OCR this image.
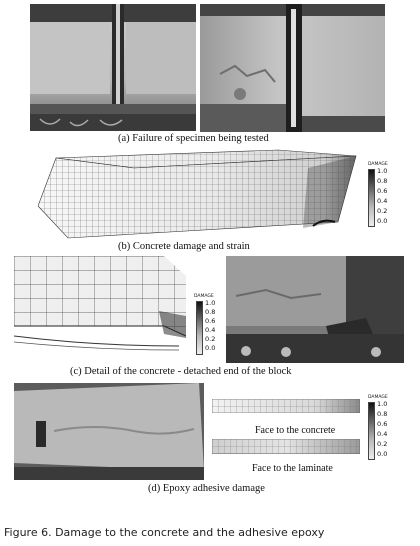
(a) Failure of specimen being tested
DAMAGE
1.0
0.8
0.6
0.4
0.2
0.0
(b) Concrete damage and strain
DAMAGE
1.0
0.8
0.6
0.4
0.2
0.0
(c) Detail of the concrete - detached end of the block
Face to the concrete
Face to the laminate
DAMAGE
1.0
0.8
0.6
0.4
0.2
0.0
(d) Epoxy adhesive damage
Figure 6. Damage to the concrete and the adhesive epoxy
